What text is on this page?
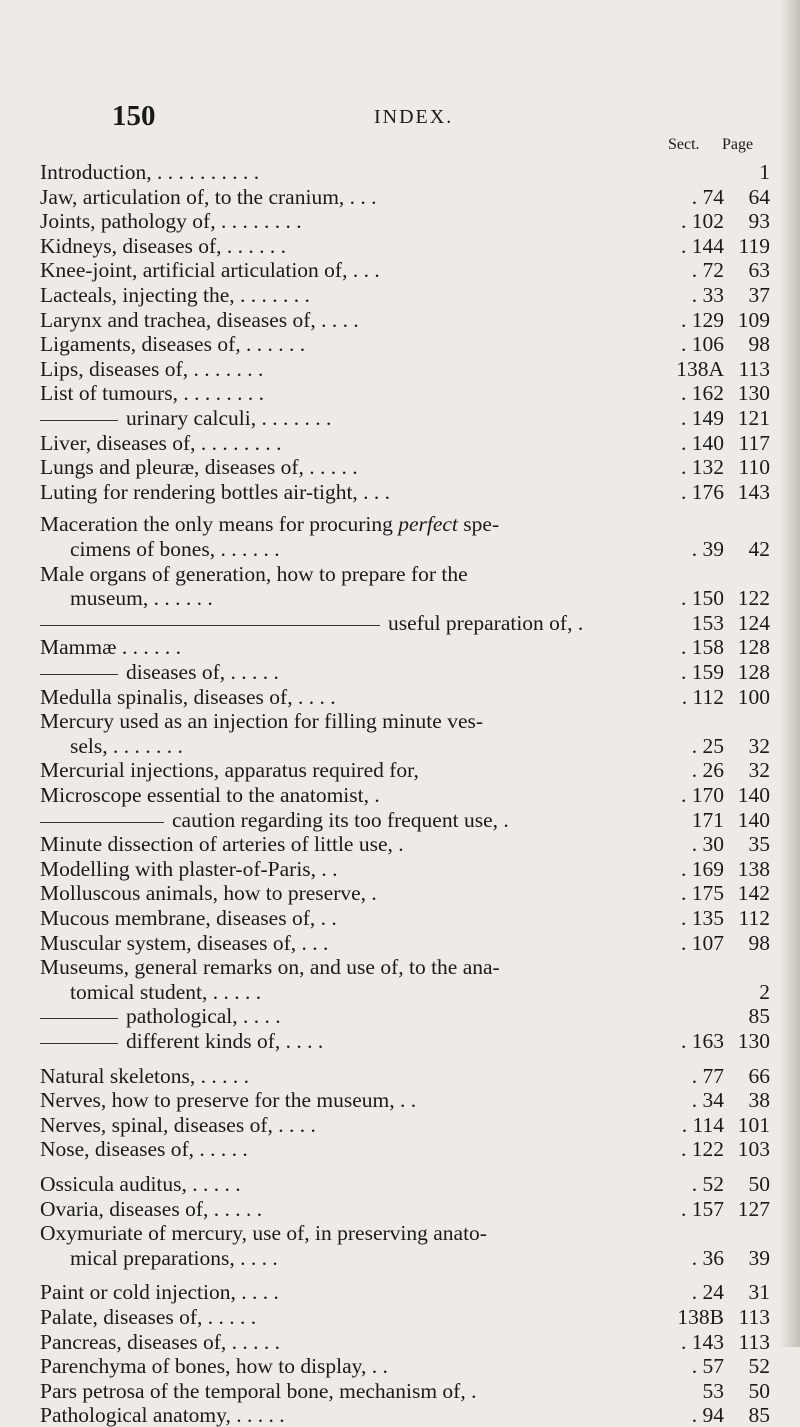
150	INDEX.
Sect. Page
Introduction, . . . . . . . . . .	1
Jaw, articulation of, to the cranium, . . .	. 74 64
Joints, pathology of, . . . . . . . .	. 102 93
Kidneys, diseases of, . . . . . .	. 144 119
Knee-joint, artificial articulation of, . . .	. 72 63
Lacteals, injecting the, . . . . . . .	. 33 37
Larynx and trachea, diseases of, . . . .	. 129 109
Ligaments, diseases of, . . . . . .	. 106 98
Lips, diseases of, . . . . . . .	138A 113
List of tumours, . . . . . . . .	. 162 130
urinary calculi, . . . . . . .	. 149 121
Liver, diseases of, . . . . . . . .	. 140 117
Lungs and pleuræ, diseases of, . . . . .	. 132 110
Luting for rendering bottles air-tight, . . .	. 176 143
Maceration the only means for procuring perfect spe-
cimens of bones, . . . . . .	. 39 42
Male organs of generation, how to prepare for the
museum, . . . . . .	. 150 122
useful preparation of, .	153 124
Mammæ . . . . . .	. 158 128
diseases of, . . . . .	. 159 128
Medulla spinalis, diseases of, . . . .	. 112 100
Mercury used as an injection for filling minute ves-
sels, . . . . . . .	. 25 32
Mercurial injections, apparatus required for,	. 26 32
Microscope essential to the anatomist, .	. 170 140
caution regarding its too frequent use, .	171 140
Minute dissection of arteries of little use, .	. 30 35
Modelling with plaster-of-Paris, . .	. 169 138
Molluscous animals, how to preserve, .	. 175 142
Mucous membrane, diseases of, . .	. 135 112
Muscular system, diseases of, . . .	. 107 98
Museums, general remarks on, and use of, to the ana-
tomical student, . . . . .	2
pathological, . . . .	85
different kinds of, . . . .	. 163 130
Natural skeletons, . . . . .	. 77 66
Nerves, how to preserve for the museum, . .	. 34 38
Nerves, spinal, diseases of, . . . .	. 114 101
Nose, diseases of, . . . . .	. 122 103
Ossicula auditus, . . . . .	. 52 50
Ovaria, diseases of, . . . . .	. 157 127
Oxymuriate of mercury, use of, in preserving anato-
mical preparations, . . . .	. 36 39
Paint or cold injection, . . . .	. 24 31
Palate, diseases of, . . . . .	138B 113
Pancreas, diseases of, . . . . .	. 143 113
Parenchyma of bones, how to display, . .	. 57 52
Pars petrosa of the temporal bone, mechanism of, .	53 50
Pathological anatomy, . . . . .	. 94 85
